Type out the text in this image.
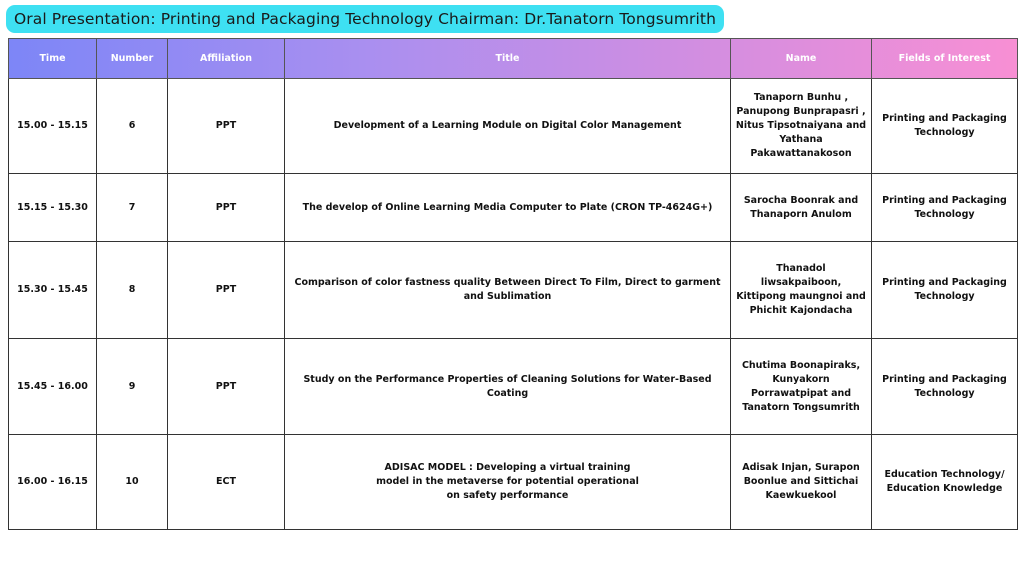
Oral Presentation: Printing and Packaging Technology Chairman: Dr.Tanatorn Tongsumrith
Time	Number	Affiliation	Title	Name	Fields of Interest
15.00 - 15.15	6	PPT	Development of a Learning Module on Digital Color Management	Tanaporn Bunhu , Panupong Bunprapasri , Nitus Tipsotnaiyana and Yathana Pakawattanakoson	Printing and Packaging Technology
15.15 - 15.30	7	PPT	The develop of Online Learning Media Computer to Plate (CRON TP-4624G+)	Sarocha Boonrak and Thanaporn Anulom	Printing and Packaging Technology
15.30 - 15.45	8	PPT	Comparison of color fastness quality Between Direct To Film, Direct to garment and Sublimation	Thanadol liwsakpaiboon, Kittipong maungnoi and Phichit Kajondacha	Printing and Packaging Technology
15.45 - 16.00	9	PPT	Study on the Performance Properties of Cleaning Solutions for Water-Based Coating	Chutima Boonapiraks, Kunyakorn Porrawatpipat and Tanatorn Tongsumrith	Printing and Packaging Technology
16.00 - 16.15	10	ECT	ADISAC MODEL : Developing a virtual training
model in the metaverse for potential operational
on safety performance	Adisak Injan, Surapon Boonlue and Sittichai Kaewkuekool	Education Technology/ Education Knowledge
